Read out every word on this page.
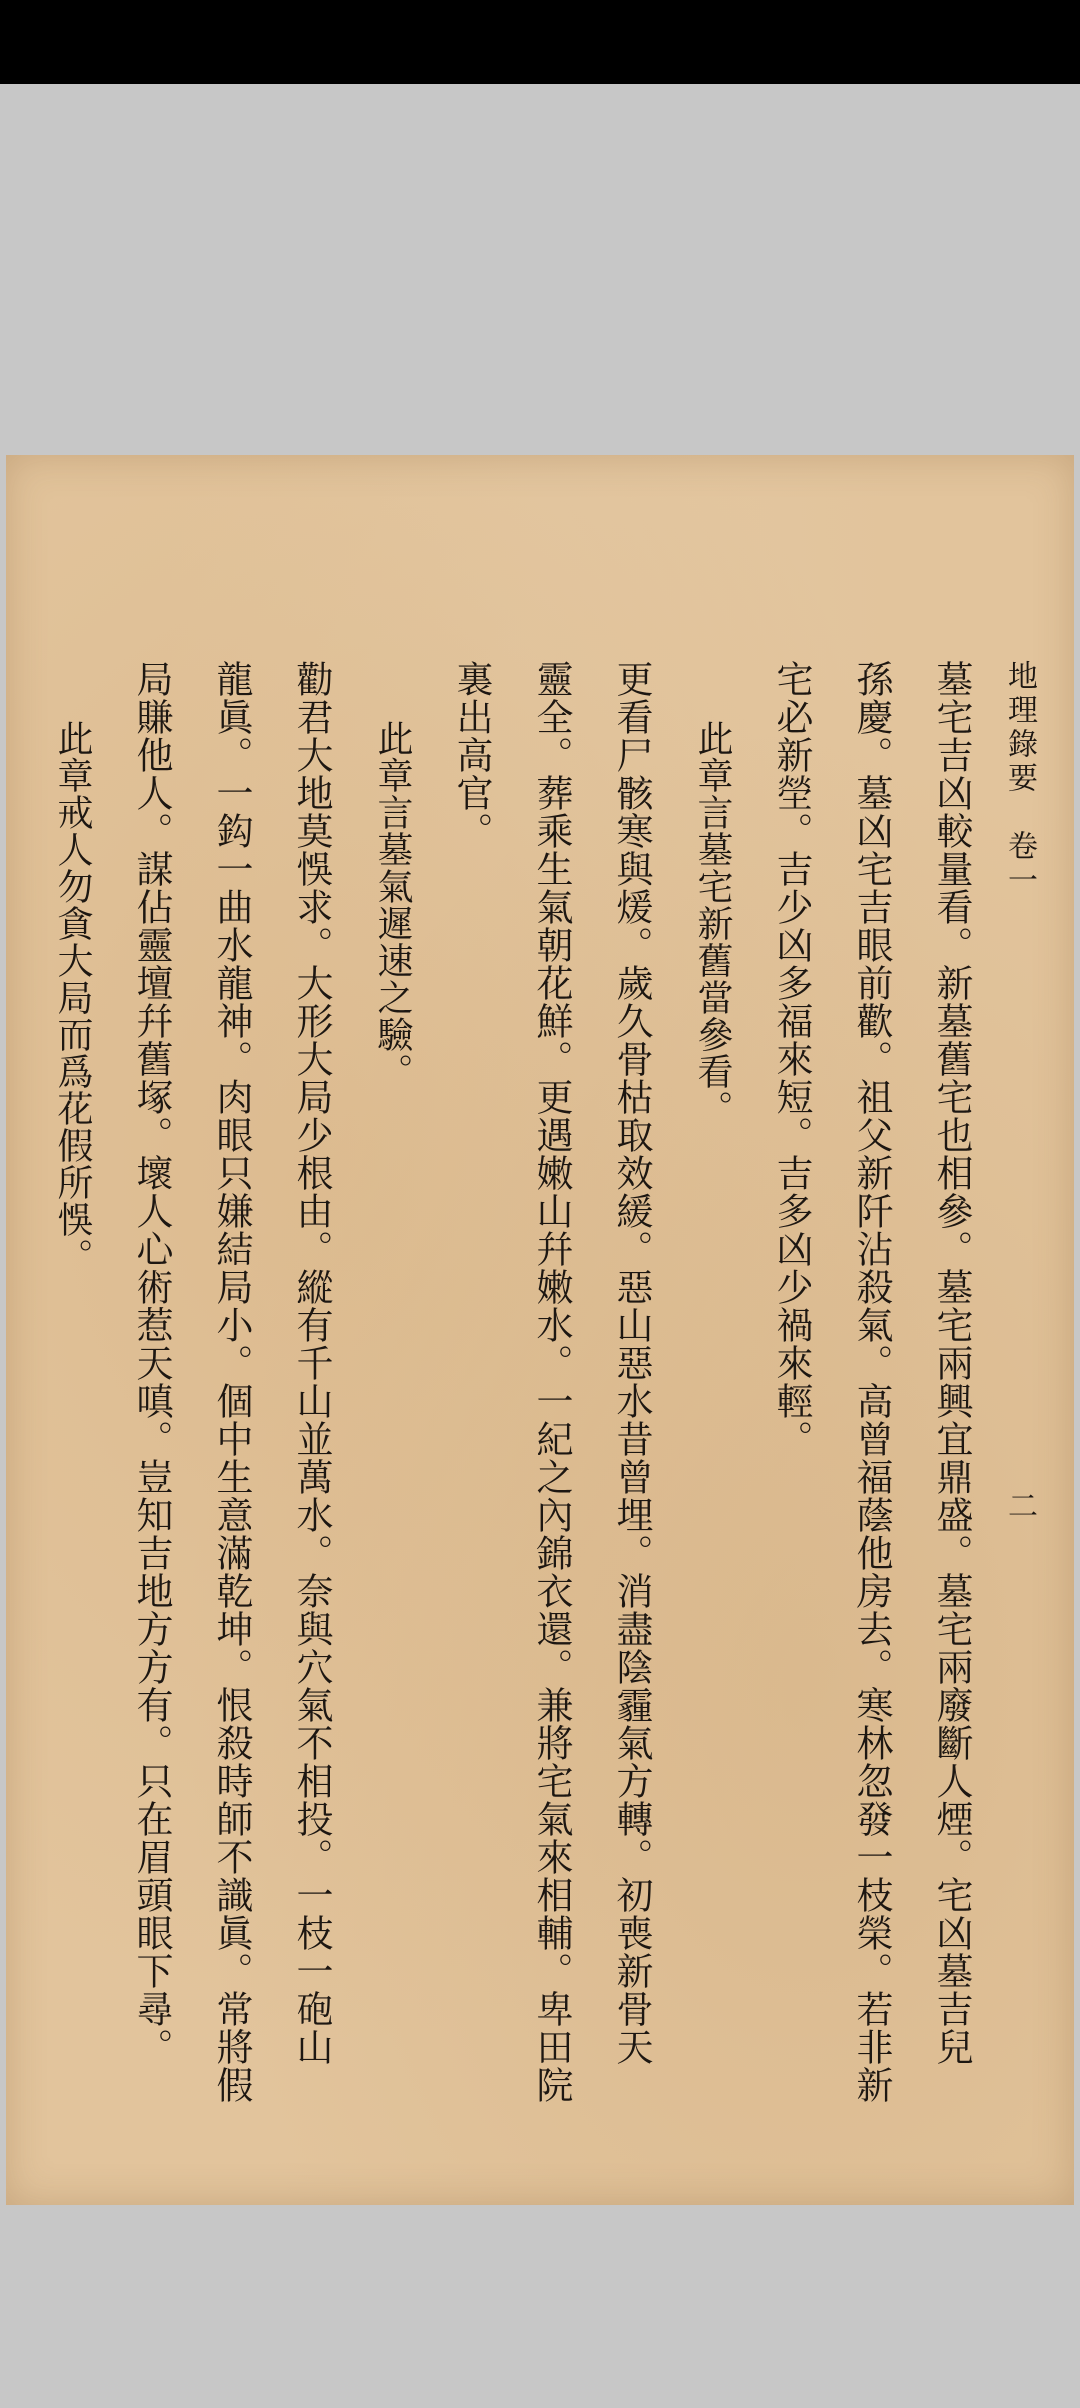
地理錄要　卷一
二
墓宅吉凶較量看。新墓舊宅也相參。墓宅兩興宜鼎盛。墓宅兩廢斷人煙。宅凶墓吉兒
孫慶。墓凶宅吉眼前歡。祖父新阡沾殺氣。高曾福蔭他房去。寒林忽發一枝榮。若非新
宅必新塋。吉少凶多福來短。吉多凶少禍來輕。
此章言墓宅新舊當參看。
更看尸骸寒與煖。歲久骨枯取效緩。惡山惡水昔曾埋。消盡陰霾氣方轉。初喪新骨天
靈全。葬乘生氣朝花鮮。更遇嫩山幷嫩水。一紀之內錦衣還。兼將宅氣來相輔。卑田院
裏出高官。
此章言墓氣遲速之驗。
勸君大地莫悞求。大形大局少根由。縱有千山並萬水。奈與穴氣不相投。一枝一砲山
龍眞。一鈎一曲水龍神。肉眼只嫌結局小。個中生意滿乾坤。恨殺時師不識眞。常將假
局賺他人。謀佔靈壇幷舊塚。壞人心術惹天嗔。豈知吉地方方有。只在眉頭眼下尋。
此章戒人勿貪大局而爲花假所悞。
